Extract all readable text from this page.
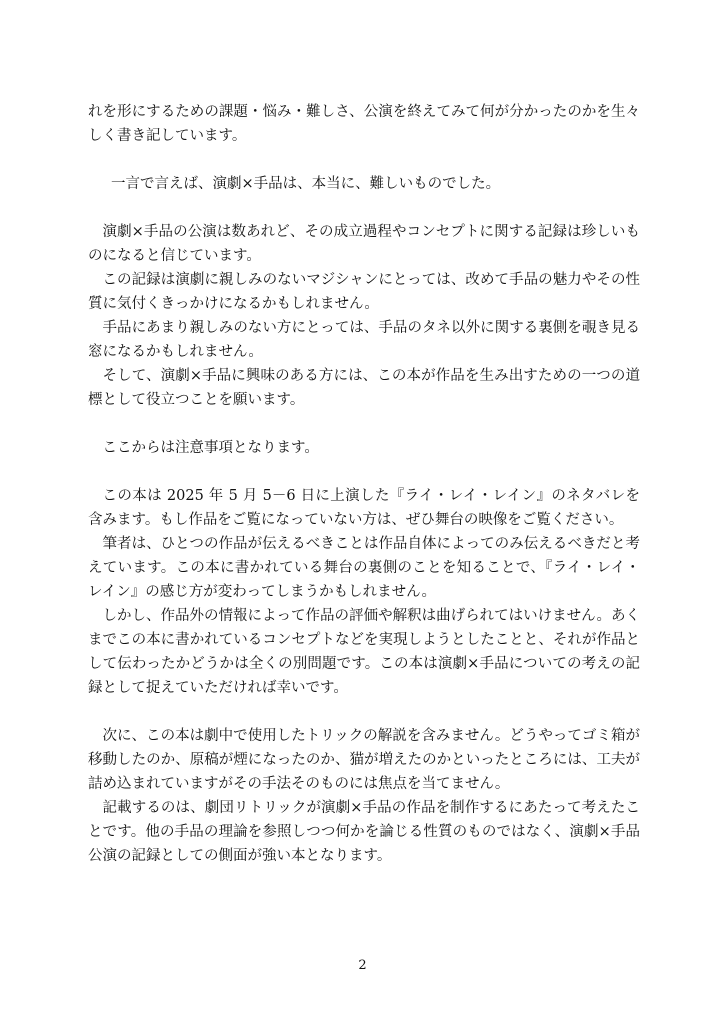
れを形にするための課題・悩み・難しさ、公演を終えてみて何が分かったのかを生々しく書き記しています。

一言で言えば、演劇×手品は、本当に、難しいものでした。

演劇×手品の公演は数あれど、その成立過程やコンセプトに関する記録は珍しいものになると信じています。

この記録は演劇に親しみのないマジシャンにとっては、改めて手品の魅力やその性質に気付くきっかけになるかもしれません。

手品にあまり親しみのない方にとっては、手品のタネ以外に関する裏側を覗き見る窓になるかもしれません。

そして、演劇×手品に興味のある方には、この本が作品を生み出すための一つの道標として役立つことを願います。

ここからは注意事項となります。

この本は 2025 年 5 月 5－6 日に上演した『ライ・レイ・レイン』のネタバレを含みます。もし作品をご覧になっていない方は、ぜひ舞台の映像をご覧ください。

筆者は、ひとつの作品が伝えるべきことは作品自体によってのみ伝えるべきだと考えています。この本に書かれている舞台の裏側のことを知ることで、『ライ・レイ・レイン』の感じ方が変わってしまうかもしれません。

しかし、作品外の情報によって作品の評価や解釈は曲げられてはいけません。あくまでこの本に書かれているコンセプトなどを実現しようとしたことと、それが作品として伝わったかどうかは全くの別問題です。この本は演劇×手品についての考えの記録として捉えていただければ幸いです。

次に、この本は劇中で使用したトリックの解説を含みません。どうやってゴミ箱が移動したのか、原稿が煙になったのか、猫が増えたのかといったところには、工夫が詰め込まれていますがその手法そのものには焦点を当てません。

記載するのは、劇団リトリックが演劇×手品の作品を制作するにあたって考えたことです。他の手品の理論を参照しつつ何かを論じる性質のものではなく、演劇×手品公演の記録としての側面が強い本となります。

2
